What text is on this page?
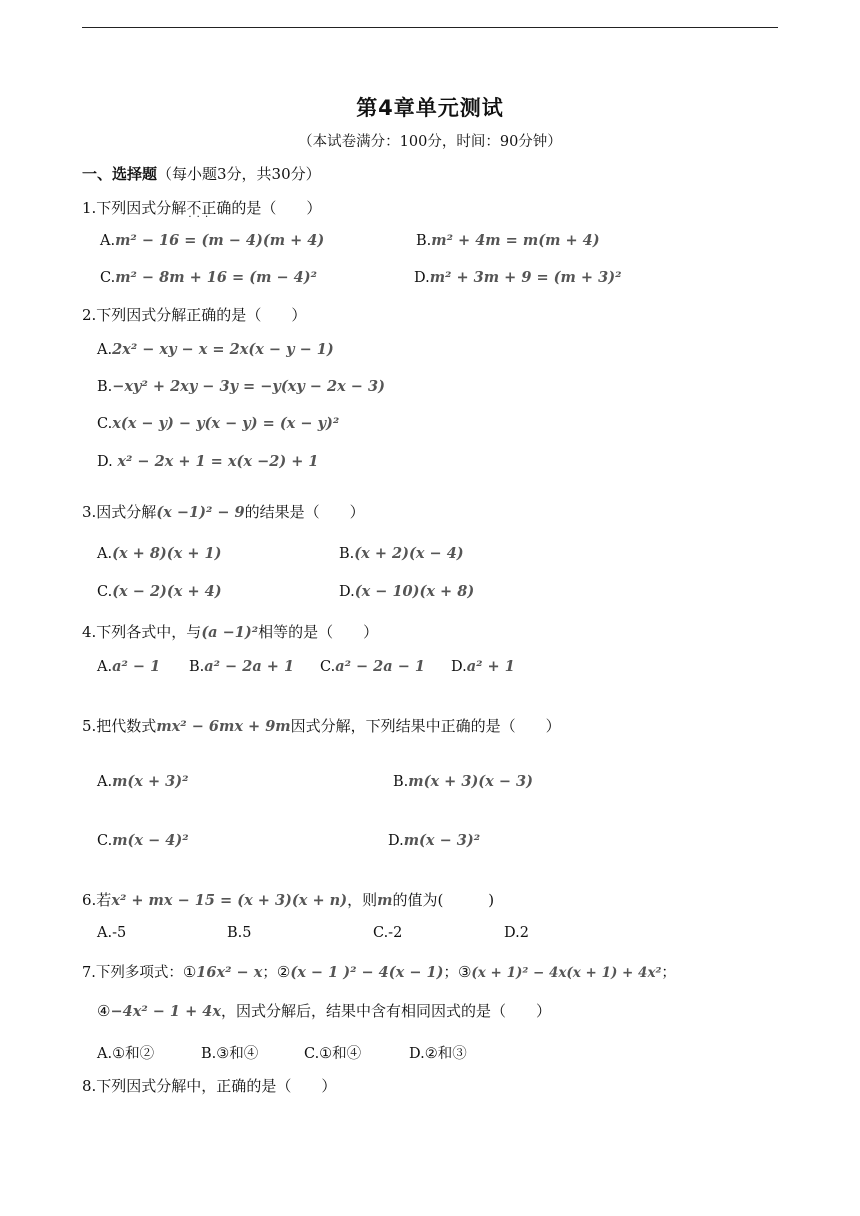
第4章单元测试
（本试卷满分：100分，时间：90分钟）
一、选择题（每小题3分，共30分）
1.下列因式分解不正确 · · ·的是（　　）
A.m² − 16 = (m − 4)(m + 4)	B.m² + 4m = m(m + 4)
C.m² − 8m + 16 = (m − 4)²	D.m² + 3m + 9 = (m + 3)²
2.下列因式分解正确的是（　　）
A.2x² − xy − x = 2x(x − y − 1)
B.−xy² + 2xy − 3y = −y(xy − 2x − 3)
C.x(x − y) − y(x − y) = (x − y)²
D. x² − 2x + 1 = x(x −2) + 1
3.因式分解(x −1)² − 9的结果是（　　）
A.(x + 8)(x + 1)	B.(x + 2)(x − 4)
C.(x − 2)(x + 4)	D.(x − 10)(x + 8)
4.下列各式中，与(a −1)²相等的是（　　）
A.a² − 1 B.a² − 2a + 1 C.a² − 2a − 1 D.a² + 1
5.把代数式mx² − 6mx + 9m因式分解，下列结果中正确的是（　　）
A.m(x + 3)²	B.m(x + 3)(x − 3)
C.m(x − 4)²	D.m(x − 3)²
6.若x² + mx − 15 = (x + 3)(x + n)，则m的值为(　　　)
A.-5	B.5	C.-2	D.2
7.下列多项式：①16x² − x；②(x − 1 )² − 4(x − 1)；③(x + 1)² − 4x(x + 1) + 4x²；
④−4x² − 1 + 4x，因式分解后，结果中含有相同因式的是（　　）
A.①和②	B.③和④	C.①和④	D.②和③
8.下列因式分解中，正确的是（　　）
